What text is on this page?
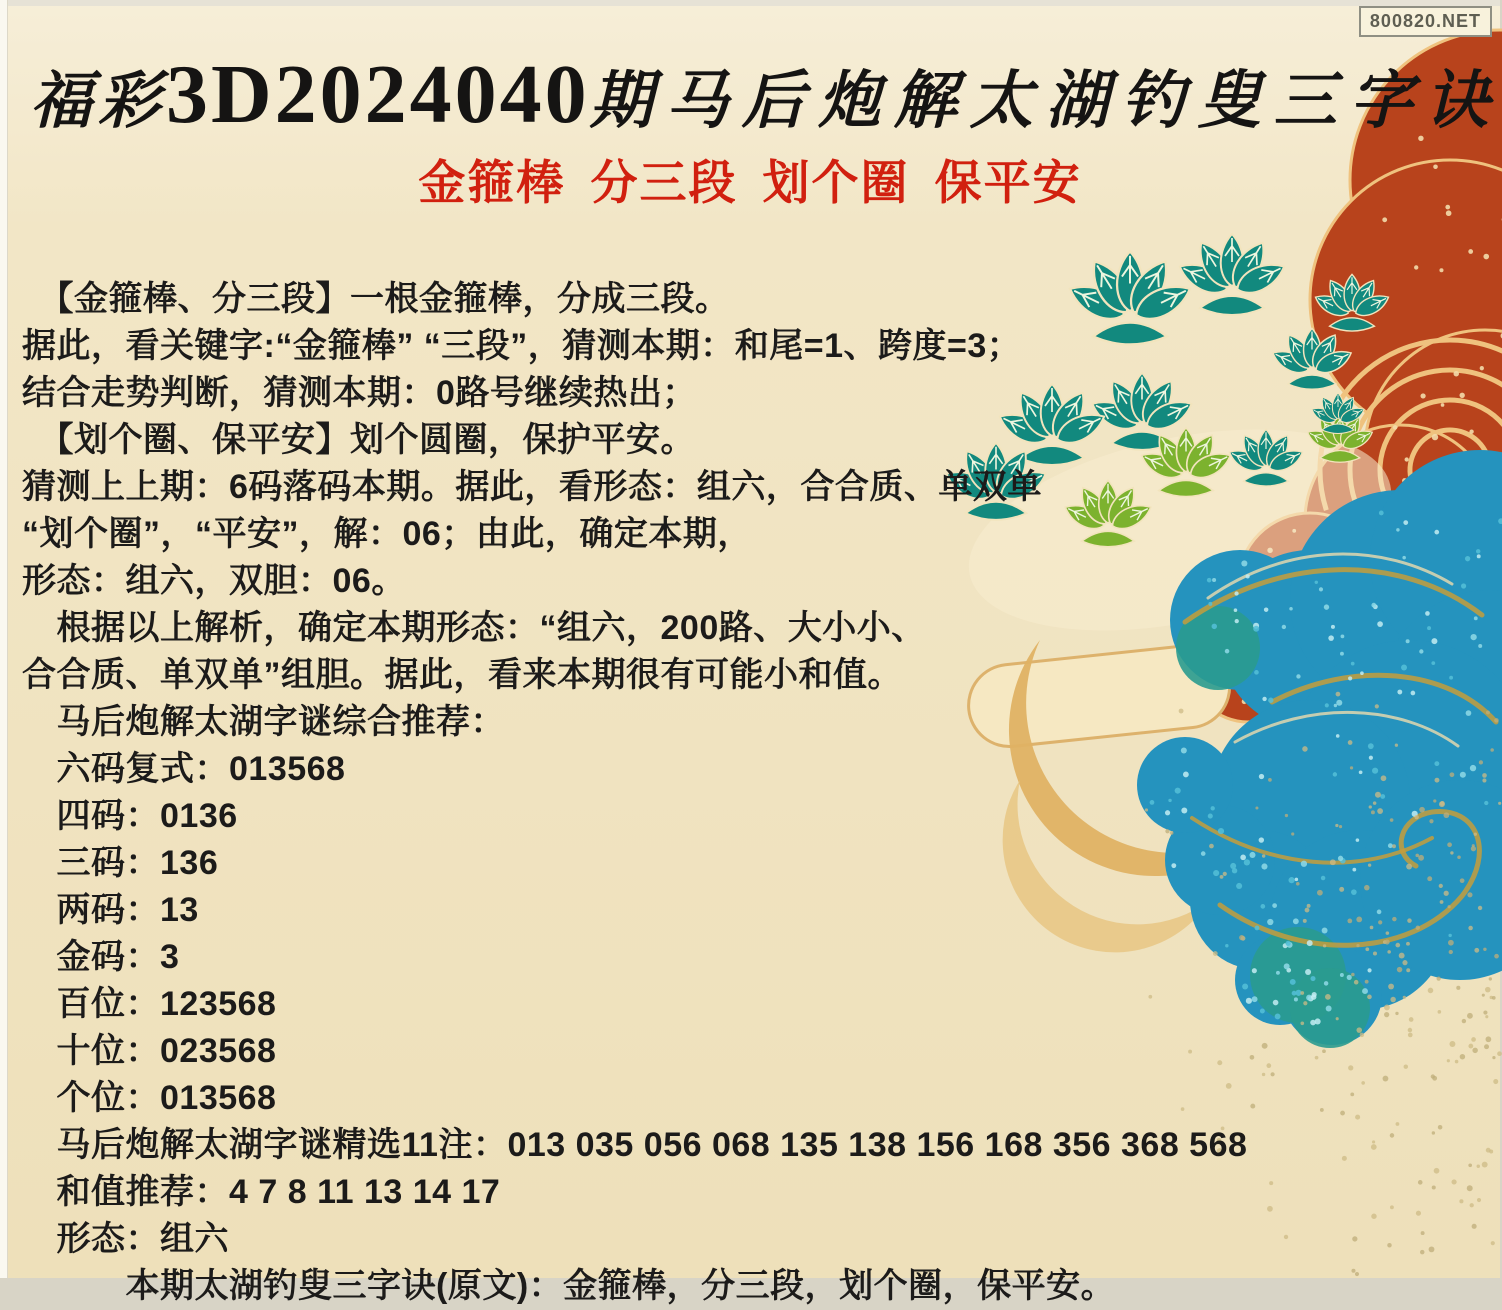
800820.NET
福彩 3D2024040 期马后炮解太湖钓叟三字诀
金箍棒 分三段 划个圈 保平安
　【金箍棒、分三段】一根金箍棒，分成三段。
据此，看关键字:“金箍棒” “三段”，猜测本期：和尾=1、跨度=3；
结合走势判断，猜测本期：0路号继续热出；
　【划个圈、保平安】划个圆圈，保护平安。
猜测上上期：6码落码本期。据此，看形态：组六，合合质、单双单
“划个圈”，“平安”，解：06；由此，确定本期，
形态：组六，双胆：06。
　根据以上解析，确定本期形态：“组六，200路、大小小、
合合质、单双单”组胆。据此，看来本期很有可能小和值。
　马后炮解太湖字谜综合推荐：
　六码复式：013568
　四码：0136
　三码：136
　两码：13
　金码：3
　百位：123568
　十位：023568
　个位：013568
　马后炮解太湖字谜精选11注：013 035 056 068 135 138 156 168 356 368 568
　和值推荐：4 7 8 11 13 14 17
　形态：组六
　　　本期太湖钓叟三字诀(原文)：金箍棒，分三段，划个圈，保平安。
